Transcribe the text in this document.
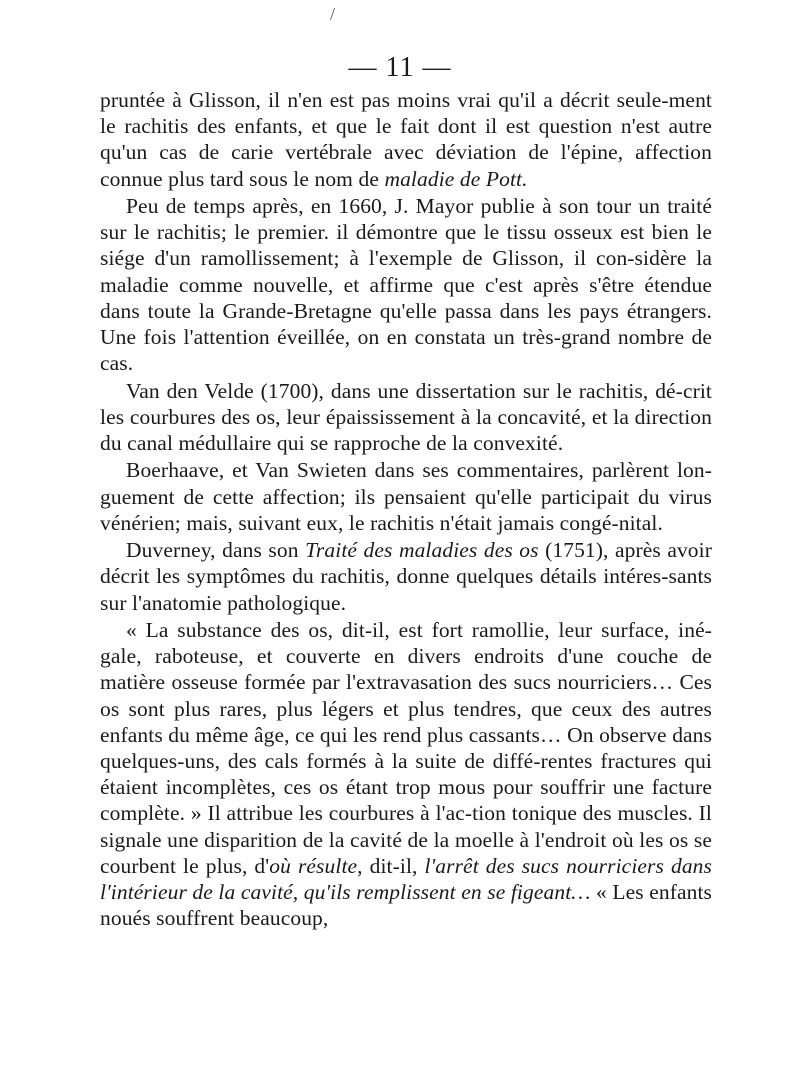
/
— 11 —

pruntée à Glisson, il n'en est pas moins vrai qu'il a décrit seule-ment le rachitis des enfants, et que le fait dont il est question n'est autre qu'un cas de carie vertébrale avec déviation de l'épine, affection connue plus tard sous le nom de maladie de Pott.

Peu de temps après, en 1660, J. Mayor publie à son tour un traité sur le rachitis; le premier. il démontre que le tissu osseux est bien le siége d'un ramollissement; à l'exemple de Glisson, il con-sidère la maladie comme nouvelle, et affirme que c'est après s'être étendue dans toute la Grande-Bretagne qu'elle passa dans les pays étrangers. Une fois l'attention éveillée, on en constata un très-grand nombre de cas.

Van den Velde (1700), dans une dissertation sur le rachitis, dé-crit les courbures des os, leur épaississement à la concavité, et la direction du canal médullaire qui se rapproche de la convexité.

Boerhaave, et Van Swieten dans ses commentaires, parlèrent lon-guement de cette affection; ils pensaient qu'elle participait du virus vénérien; mais, suivant eux, le rachitis n'était jamais congé-nital.

Duverney, dans son Traité des maladies des os (1751), après avoir décrit les symptômes du rachitis, donne quelques détails intéres-sants sur l'anatomie pathologique.

« La substance des os, dit-il, est fort ramollie, leur surface, iné-gale, raboteuse, et couverte en divers endroits d'une couche de matière osseuse formée par l'extravasation des sucs nourriciers… Ces os sont plus rares, plus légers et plus tendres, que ceux des autres enfants du même âge, ce qui les rend plus cassants… On observe dans quelques-uns, des cals formés à la suite de diffé-rentes fractures qui étaient incomplètes, ces os étant trop mous pour souffrir une facture complète. » Il attribue les courbures à l'ac-tion tonique des muscles. Il signale une disparition de la cavité de la moelle à l'endroit où les os se courbent le plus, d'où résulte, dit-il, l'arrêt des sucs nourriciers dans l'intérieur de la cavité, qu'ils remplissent en se figeant… « Les enfants noués souffrent beaucoup,
